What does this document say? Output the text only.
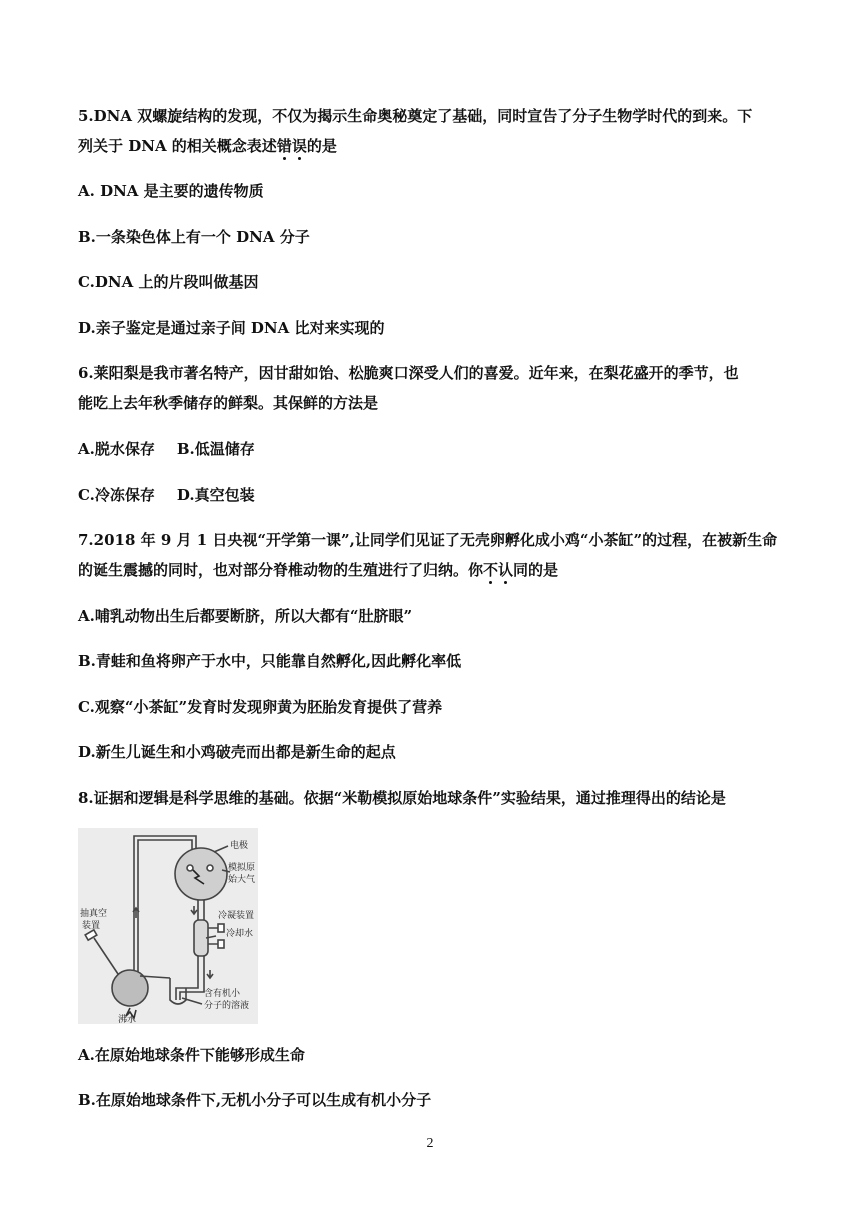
5.DNA 双螺旋结构的发现，不仅为揭示生命奥秘奠定了基础，同时宣告了分子生物学时代的到来。下
列关于 DNA 的相关概念表述错误的是
A. DNA 是主要的遗传物质
B.一条染色体上有一个 DNA 分子
C.DNA 上的片段叫做基因
D.亲子鉴定是通过亲子间 DNA 比对来实现的
6.莱阳梨是我市著名特产，因甘甜如饴、松脆爽口深受人们的喜爱。近年来，在梨花盛开的季节，也
能吃上去年秋季储存的鲜梨。其保鲜的方法是
A.脱水保存 B.低温储存
C.冷冻保存 D.真空包装
7.2018 年 9 月 1 日央视“开学第一课”,让同学们见证了无壳卵孵化成小鸡“小茶缸”的过程，在被新生命
的诞生震撼的同时，也对部分脊椎动物的生殖进行了归纳。你不认同的是
A.哺乳动物出生后都要断脐，所以大都有“肚脐眼”
B.青蛙和鱼将卵产于水中，只能靠自然孵化,因此孵化率低
C.观察“小茶缸”发育时发现卵黄为胚胎发育提供了营养
D.新生儿诞生和小鸡破壳而出都是新生命的起点
8.证据和逻辑是科学思维的基础。依据“米勒模拟原始地球条件”实验结果，通过推理得出的结论是
电极
模拟原
始大气
抽真空
装置
冷凝装置
冷却水
沸水
含有机小
分子的溶液
A.在原始地球条件下能够形成生命
B.在原始地球条件下,无机小分子可以生成有机小分子
2
